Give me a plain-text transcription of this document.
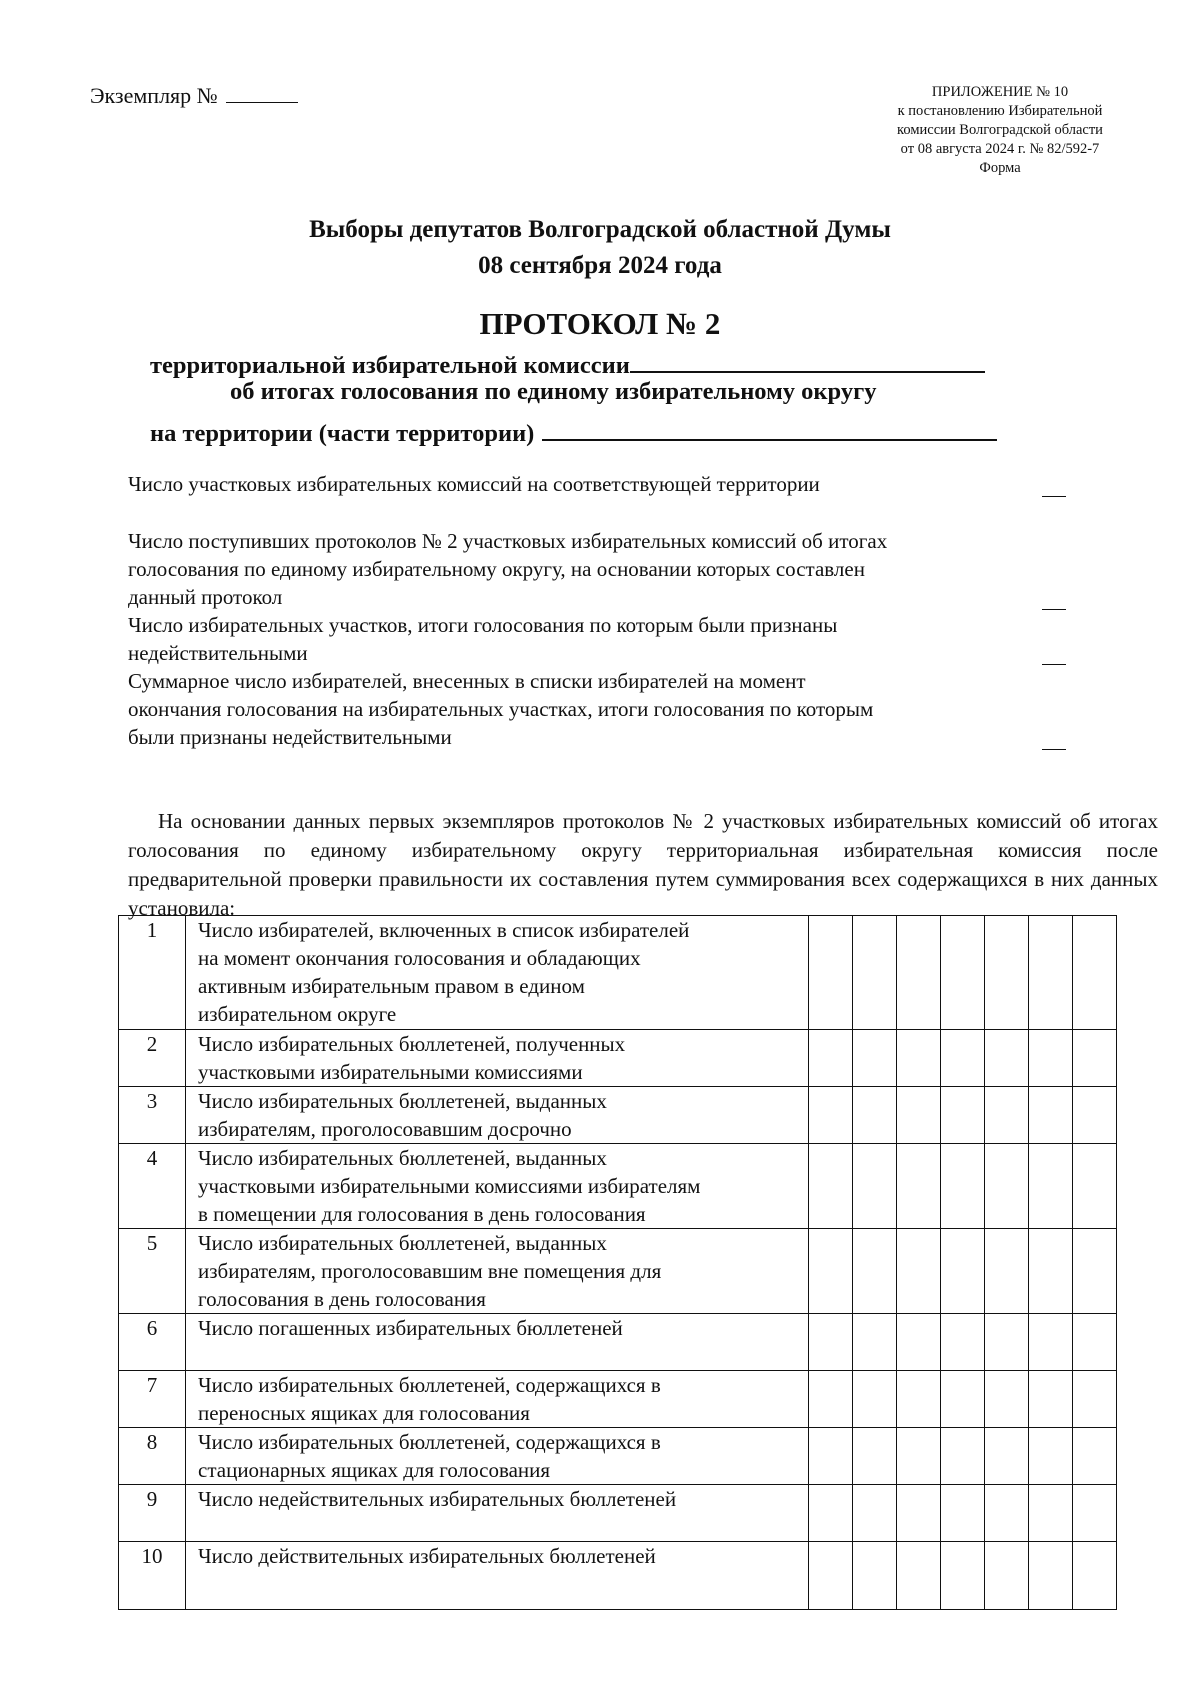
Экземпляр №	ПРИЛОЖЕНИЕ № 10
к постановлению Избирательной
комиссии Волгоградской области
от 08 августа 2024 г. № 82/592-7
Форма
Выборы депутатов Волгоградской областной Думы
08 сентября 2024 года
ПРОТОКОЛ № 2
территориальной избирательной комиссии
об итогах голосования по единому избирательному округу
на территории (части территории)
Число участковых избирательных комиссий на соответствующей территории
Число поступивших протоколов № 2 участковых избирательных комиссий об итогах
голосования по единому избирательному округу, на основании которых составлен
данный протокол
Число избирательных участков, итоги голосования по которым были признаны
недействительными
Суммарное число избирателей, внесенных в списки избирателей на момент
окончания голосования на избирательных участках, итоги голосования по которым
были признаны недействительными
На основании данных первых экземпляров протоколов № 2 участковых избирательных комиссий об итогах голосования по единому избирательному округу территориальная избирательная комиссия после предварительной проверки правильности их составления путем суммирования всех содержащихся в них данных установила:
1	Число избирателей, включенных в список избирателей
на момент окончания голосования и обладающих
активным избирательным правом в едином
избирательном округе							

2	Число избирательных бюллетеней, полученных
участковыми избирательными комиссиями							

3	Число избирательных бюллетеней, выданных
избирателям, проголосовавшим досрочно							

4	Число избирательных бюллетеней, выданных
участковыми избирательными комиссиями избирателям
в помещении для голосования в день голосования							

5	Число избирательных бюллетеней, выданных
избирателям, проголосовавшим вне помещения для
голосования в день голосования							

6	Число погашенных избирательных бюллетеней							

7	Число избирательных бюллетеней, содержащихся в
переносных ящиках для голосования							

8	Число избирательных бюллетеней, содержащихся в
стационарных ящиках для голосования							

9	Число недействительных избирательных бюллетеней							

10	Число действительных избирательных бюллетеней							
